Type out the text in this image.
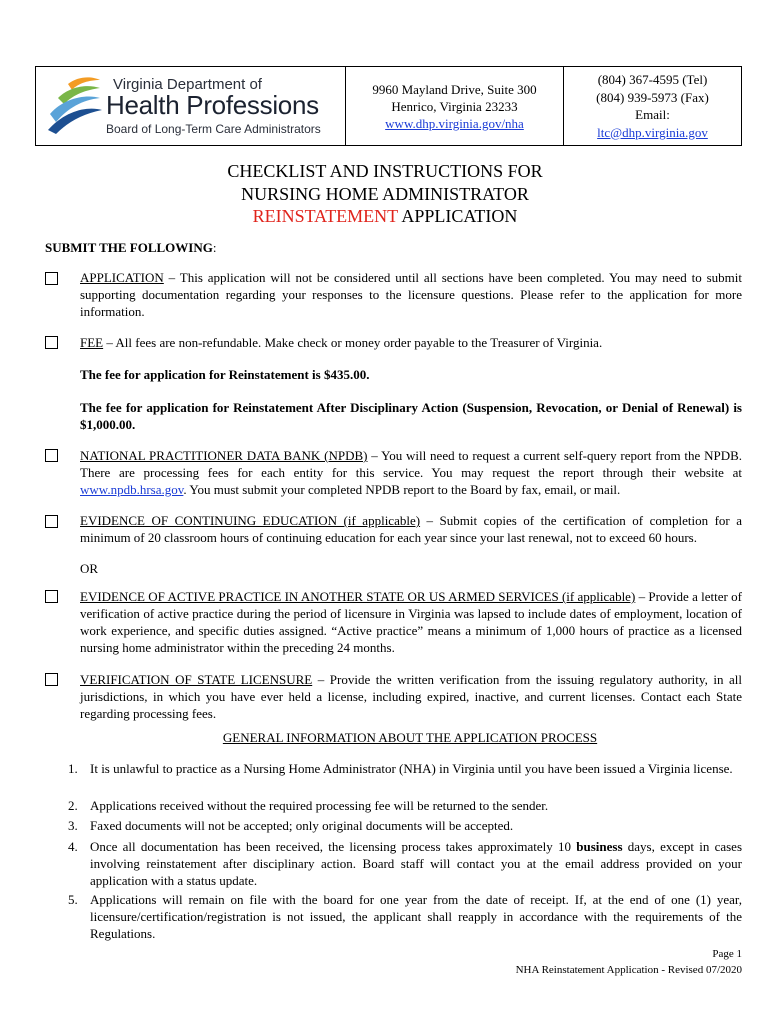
Virginia Department of
Health Professions
Board of Long-Term Care Administrators
9960 Mayland Drive, Suite 300
Henrico, Virginia 23233
www.dhp.virginia.gov/nha
(804) 367-4595 (Tel)
(804) 939-5973 (Fax)
Email:
ltc@dhp.virginia.gov
CHECKLIST AND INSTRUCTIONS FOR
NURSING HOME ADMINISTRATOR
REINSTATEMENT APPLICATION
SUBMIT THE FOLLOWING:
APPLICATION – This application will not be considered until all sections have been completed. You may need to submit supporting documentation regarding your responses to the licensure questions. Please refer to the application for more information.
FEE – All fees are non-refundable. Make check or money order payable to the Treasurer of Virginia.
The fee for application for Reinstatement is $435.00.
The fee for application for Reinstatement After Disciplinary Action (Suspension, Revocation, or Denial of Renewal) is $1,000.00.
NATIONAL PRACTITIONER DATA BANK (NPDB) – You will need to request a current self-query report from the NPDB. There are processing fees for each entity for this service. You may request the report through their website at www.npdb.hrsa.gov. You must submit your completed NPDB report to the Board by fax, email, or mail.
EVIDENCE OF CONTINUING EDUCATION (if applicable) – Submit copies of the certification of completion for a minimum of 20 classroom hours of continuing education for each year since your last renewal, not to exceed 60 hours.
OR
EVIDENCE OF ACTIVE PRACTICE IN ANOTHER STATE OR US ARMED SERVICES (if applicable) – Provide a letter of verification of active practice during the period of licensure in Virginia was lapsed to include dates of employment, location of work experience, and specific duties assigned. “Active practice” means a minimum of 1,000 hours of practice as a licensed nursing home administrator within the preceding 24 months.
VERIFICATION OF STATE LICENSURE – Provide the written verification from the issuing regulatory authority, in all jurisdictions, in which you have ever held a license, including expired, inactive, and current licenses. Contact each State regarding processing fees.
GENERAL INFORMATION ABOUT THE APPLICATION PROCESS
1. It is unlawful to practice as a Nursing Home Administrator (NHA) in Virginia until you have been issued a Virginia license.
2. Applications received without the required processing fee will be returned to the sender.
3. Faxed documents will not be accepted; only original documents will be accepted.
4. Once all documentation has been received, the licensing process takes approximately 10 business days, except in cases involving reinstatement after disciplinary action. Board staff will contact you at the email address provided on your application with a status update.
5. Applications will remain on file with the board for one year from the date of receipt. If, at the end of one (1) year, licensure/certification/registration is not issued, the applicant shall reapply in accordance with the requirements of the Regulations.
Page 1
NHA Reinstatement Application - Revised 07/2020
